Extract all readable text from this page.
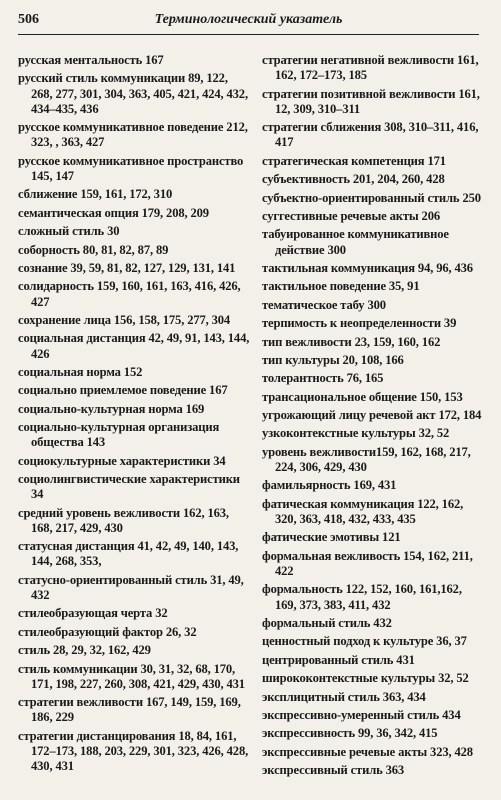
506	Терминологический указатель
русская ментальность 167
русский стиль коммуникации 89, 122, 268, 277, 301, 304, 363, 405, 421, 424, 432, 434–435, 436
русское коммуникативное поведение 212, 323, , 363, 427
русское коммуникативное пространство 145, 147
сближение 159, 161, 172, 310
семантическая опция 179, 208, 209
сложный стиль 30
соборность 80, 81, 82, 87, 89
сознание 39, 59, 81, 82, 127, 129, 131, 141
солидарность 159, 160, 161, 163, 416, 426, 427
сохранение лица 156, 158, 175, 277, 304
социальная дистанция 42, 49, 91, 143, 144, 426
социальная норма 152
социально приемлемое поведение 167
социально-культурная норма 169
социально-культурная организация общества 143
социокультурные характеристики 34
социолингвистические характеристики 34
средний уровень вежливости 162, 163, 168, 217, 429, 430
статусная дистанция 41, 42, 49, 140, 143, 144, 268, 353,
статусно-ориентированный стиль 31, 49, 432
стилеобразующая черта 32
стилеобразующий фактор 26, 32
стиль 28, 29, 32, 162, 429
стиль коммуникации 30, 31, 32, 68, 170, 171, 198, 227, 260, 308, 421, 429, 430, 431
стратегии вежливости 167, 149, 159, 169, 186, 229
стратегии дистанцирования 18, 84, 161, 172–173, 188, 203, 229, 301, 323, 426, 428, 430, 431
стратегии негативной вежливости 161, 162, 172–173, 185
стратегии позитивной вежливости 161, 12, 309, 310–311
стратегии сближения 308, 310–311, 416, 417
стратегическая компетенция 171
субъективность 201, 204, 260, 428
субъектно-ориентированный стиль 250
суггестивные речевые акты 206
табуированное коммуникативное действие 300
тактильная коммуникация 94, 96, 436
тактильное поведение 35, 91
тематическое табу 300
терпимость к неопределенности 39
тип вежливости 23, 159, 160, 162
тип культуры 20, 108, 166
толерантность 76, 165
трансациональное общение 150, 153
угрожающий лицу речевой акт 172, 184
узкоконтекстные культуры 32, 52
уровень вежливости159, 162, 168, 217, 224, 306, 429, 430
фамильярность 169, 431
фатическая коммуникация 122, 162, 320, 363, 418, 432, 433, 435
фатические эмотивы 121
формальная вежливость 154, 162, 211, 422
формальность 122, 152, 160, 161,162, 169, 373, 383, 411, 432
формальный стиль 432
ценностный подход к культуре 36, 37
центрированный стиль 431
ширококонтекстные культуры 32, 52
эксплицитный стиль 363, 434
экспрессивно-умеренный стиль 434
экспрессивность 99, 36, 342, 415
экспрессивные речевые акты 323, 428
экспрессивный стиль 363
